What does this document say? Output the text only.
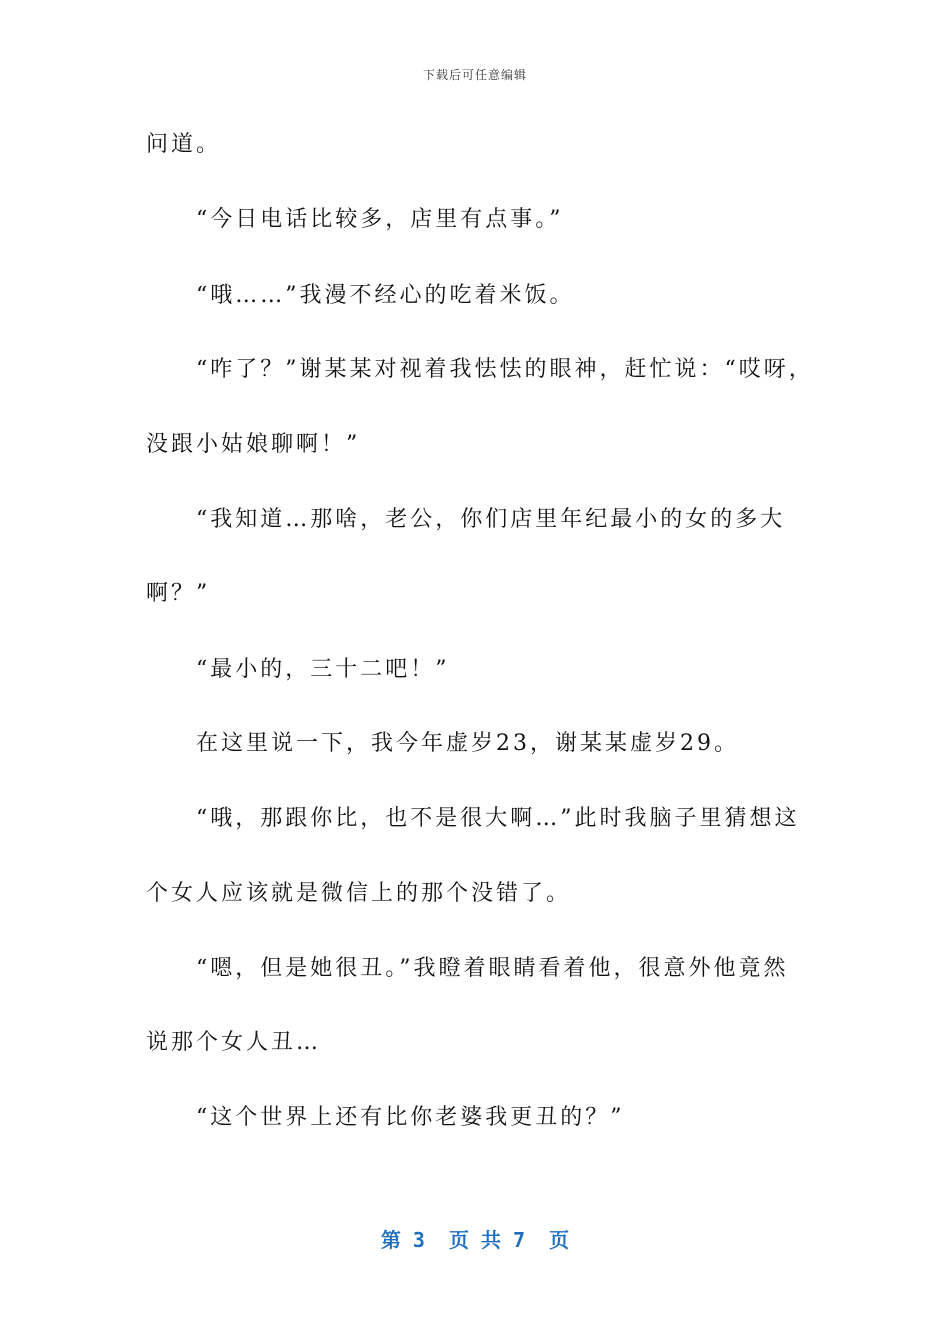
下载后可任意编辑
问道。
“今日电话比较多，店里有点事。”
“哦……”我漫不经心的吃着米饭。
“咋了？”谢某某对视着我怯怯的眼神，赶忙说：“哎呀，
没跟小姑娘聊啊！”
“我知道…那啥，老公，你们店里年纪最小的女的多大
啊？”
“最小的，三十二吧！”
在这里说一下，我今年虚岁23，谢某某虚岁29。
“哦，那跟你比，也不是很大啊…”此时我脑子里猜想这
个女人应该就是微信上的那个没错了。
“嗯，但是她很丑。”我瞪着眼睛看着他，很意外他竟然
说那个女人丑…
“这个世界上还有比你老婆我更丑的？”
第 3  页 共 7  页
